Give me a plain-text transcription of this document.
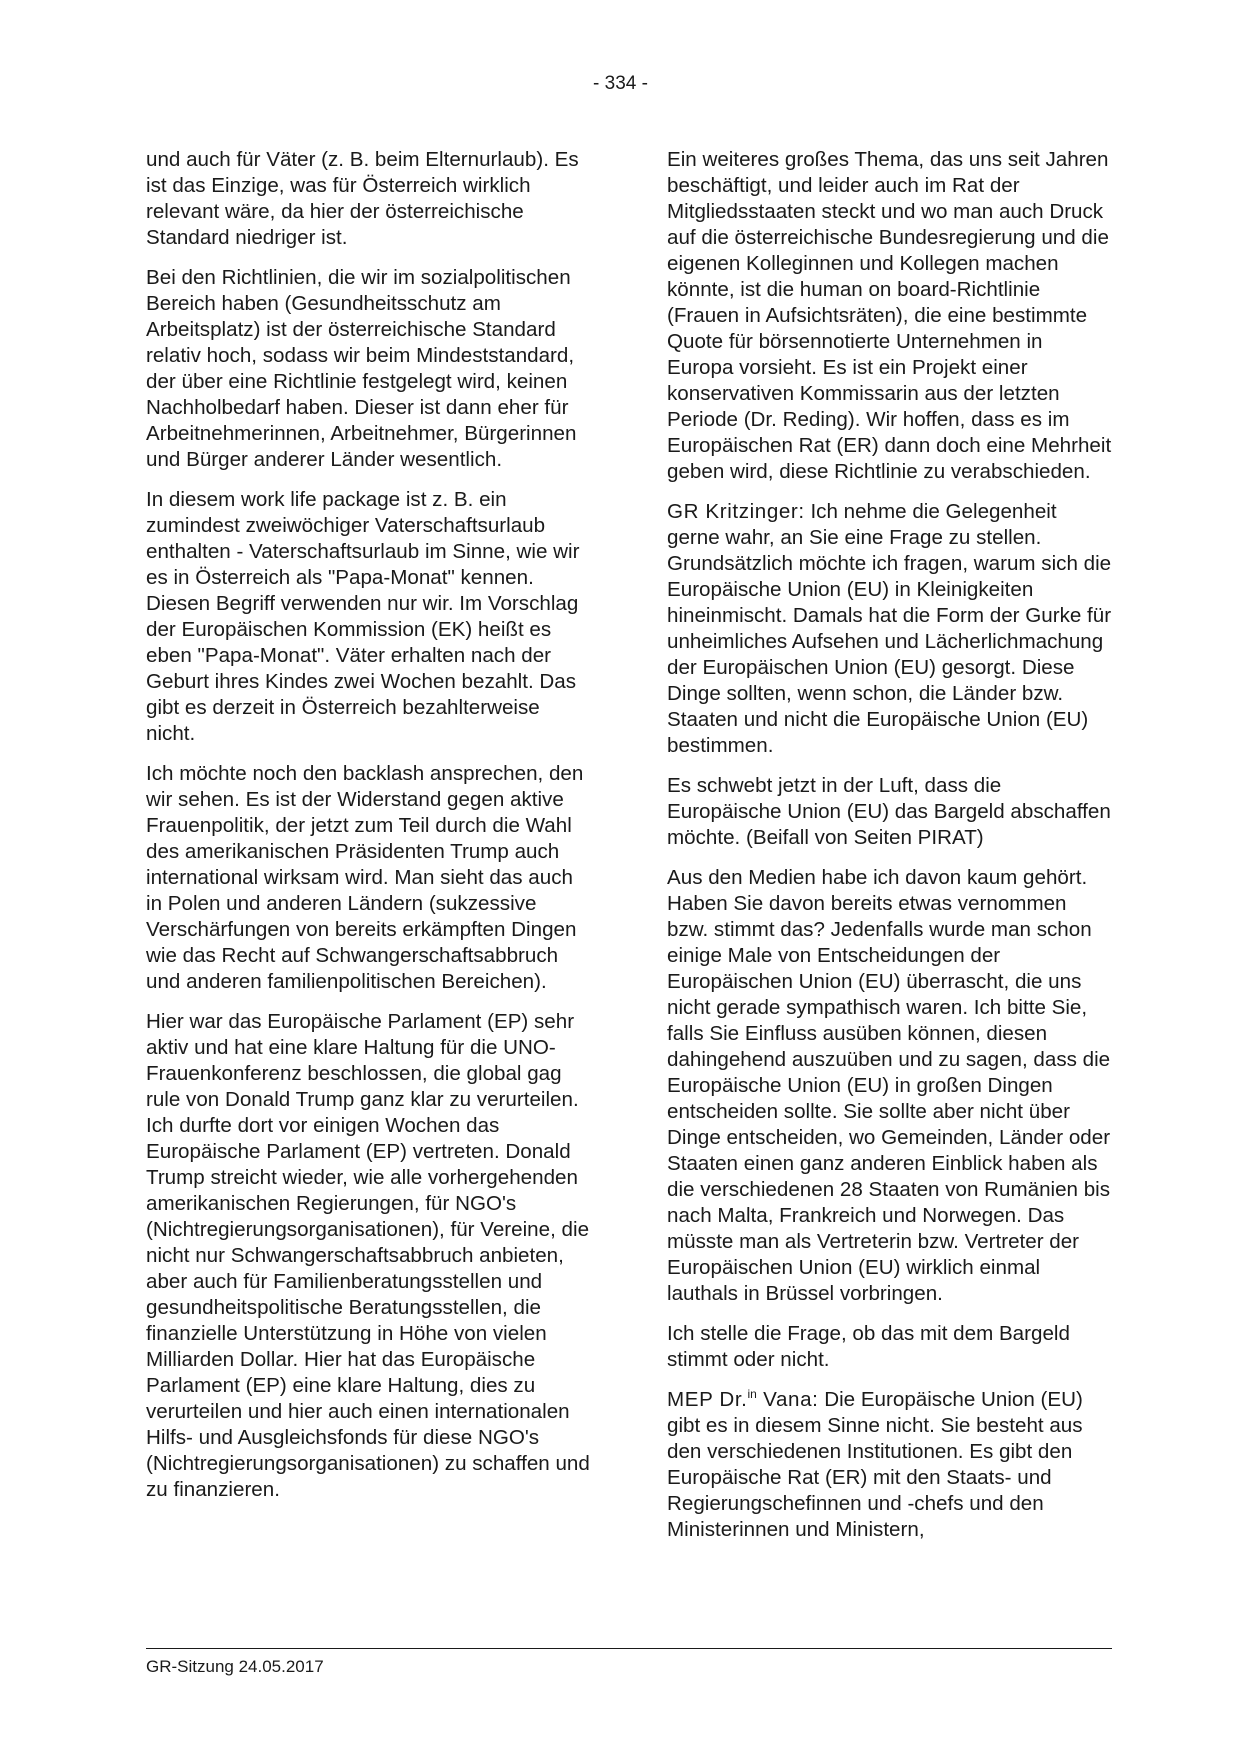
- 334 -

und auch für Väter (z. B. beim Elternurlaub). Es ist das Einzige, was für Österreich wirklich relevant wäre, da hier der österreichische Standard niedriger ist.

Bei den Richtlinien, die wir im sozialpolitischen Bereich haben (Gesundheitsschutz am Arbeitsplatz) ist der österreichische Standard relativ hoch, sodass wir beim Mindeststandard, der über eine Richtlinie festgelegt wird, keinen Nachholbedarf haben. Dieser ist dann eher für Arbeitnehmerinnen, Arbeitnehmer, Bürgerinnen und Bürger anderer Länder wesentlich.

In diesem work life package ist z. B. ein zumindest zweiwöchiger Vaterschaftsurlaub enthalten - Vaterschaftsurlaub im Sinne, wie wir es in Österreich als "Papa-Monat" kennen. Diesen Begriff verwenden nur wir. Im Vorschlag der Europäischen Kommission (EK) heißt es eben "Papa-Monat". Väter erhalten nach der Geburt ihres Kindes zwei Wochen bezahlt. Das gibt es derzeit in Österreich bezahlterweise nicht.

Ich möchte noch den backlash ansprechen, den wir sehen. Es ist der Widerstand gegen aktive Frauenpolitik, der jetzt zum Teil durch die Wahl des amerikanischen Präsidenten Trump auch international wirksam wird. Man sieht das auch in Polen und anderen Ländern (sukzessive Verschärfungen von bereits erkämpften Dingen wie das Recht auf Schwangerschaftsabbruch und anderen familienpolitischen Bereichen).

Hier war das Europäische Parlament (EP) sehr aktiv und hat eine klare Haltung für die UNO-Frauenkonferenz beschlossen, die global gag rule von Donald Trump ganz klar zu verurteilen. Ich durfte dort vor einigen Wochen das Europäische Parlament (EP) vertreten. Donald Trump streicht wieder, wie alle vorhergehenden amerikanischen Regierungen, für NGO's (Nichtregierungsorganisationen), für Vereine, die nicht nur Schwangerschaftsabbruch anbieten, aber auch für Familienberatungsstellen und gesundheitspolitische Beratungsstellen, die finanzielle Unterstützung in Höhe von vielen Milliarden Dollar. Hier hat das Europäische Parlament (EP) eine klare Haltung, dies zu verurteilen und hier auch einen internationalen Hilfs- und Ausgleichsfonds für diese NGO's (Nichtregierungsorganisationen) zu schaffen und zu finanzieren.

Ein weiteres großes Thema, das uns seit Jahren beschäftigt, und leider auch im Rat der Mitgliedsstaaten steckt und wo man auch Druck auf die österreichische Bundesregierung und die eigenen Kolleginnen und Kollegen machen könnte, ist die human on board-Richtlinie (Frauen in Aufsichtsräten), die eine bestimmte Quote für börsennotierte Unternehmen in Europa vorsieht. Es ist ein Projekt einer konservativen Kommissarin aus der letzten Periode (Dr. Reding). Wir hoffen, dass es im Europäischen Rat (ER) dann doch eine Mehrheit geben wird, diese Richtlinie zu verabschieden.

GR Kritzinger: Ich nehme die Gelegenheit gerne wahr, an Sie eine Frage zu stellen. Grundsätzlich möchte ich fragen, warum sich die Europäische Union (EU) in Kleinigkeiten hineinmischt. Damals hat die Form der Gurke für unheimliches Aufsehen und Lächerlichmachung der Europäischen Union (EU) gesorgt. Diese Dinge sollten, wenn schon, die Länder bzw. Staaten und nicht die Europäische Union (EU) bestimmen.

Es schwebt jetzt in der Luft, dass die Europäische Union (EU) das Bargeld abschaffen möchte. (Beifall von Seiten PIRAT)

Aus den Medien habe ich davon kaum gehört. Haben Sie davon bereits etwas vernommen bzw. stimmt das? Jedenfalls wurde man schon einige Male von Entscheidungen der Europäischen Union (EU) überrascht, die uns nicht gerade sympathisch waren. Ich bitte Sie, falls Sie Einfluss ausüben können, diesen dahingehend auszuüben und zu sagen, dass die Europäische Union (EU) in großen Dingen entscheiden sollte. Sie sollte aber nicht über Dinge entscheiden, wo Gemeinden, Länder oder Staaten einen ganz anderen Einblick haben als die verschiedenen 28 Staaten von Rumänien bis nach Malta, Frankreich und Norwegen. Das müsste man als Vertreterin bzw. Vertreter der Europäischen Union (EU) wirklich einmal lauthals in Brüssel vorbringen.

Ich stelle die Frage, ob das mit dem Bargeld stimmt oder nicht.

MEP Dr.$^{in}$ Vana: Die Europäische Union (EU) gibt es in diesem Sinne nicht. Sie besteht aus den verschiedenen Institutionen. Es gibt den Europäische Rat (ER) mit den Staats- und Regierungschefinnen und -chefs und den Ministerinnen und Ministern,

GR-Sitzung 24.05.2017
